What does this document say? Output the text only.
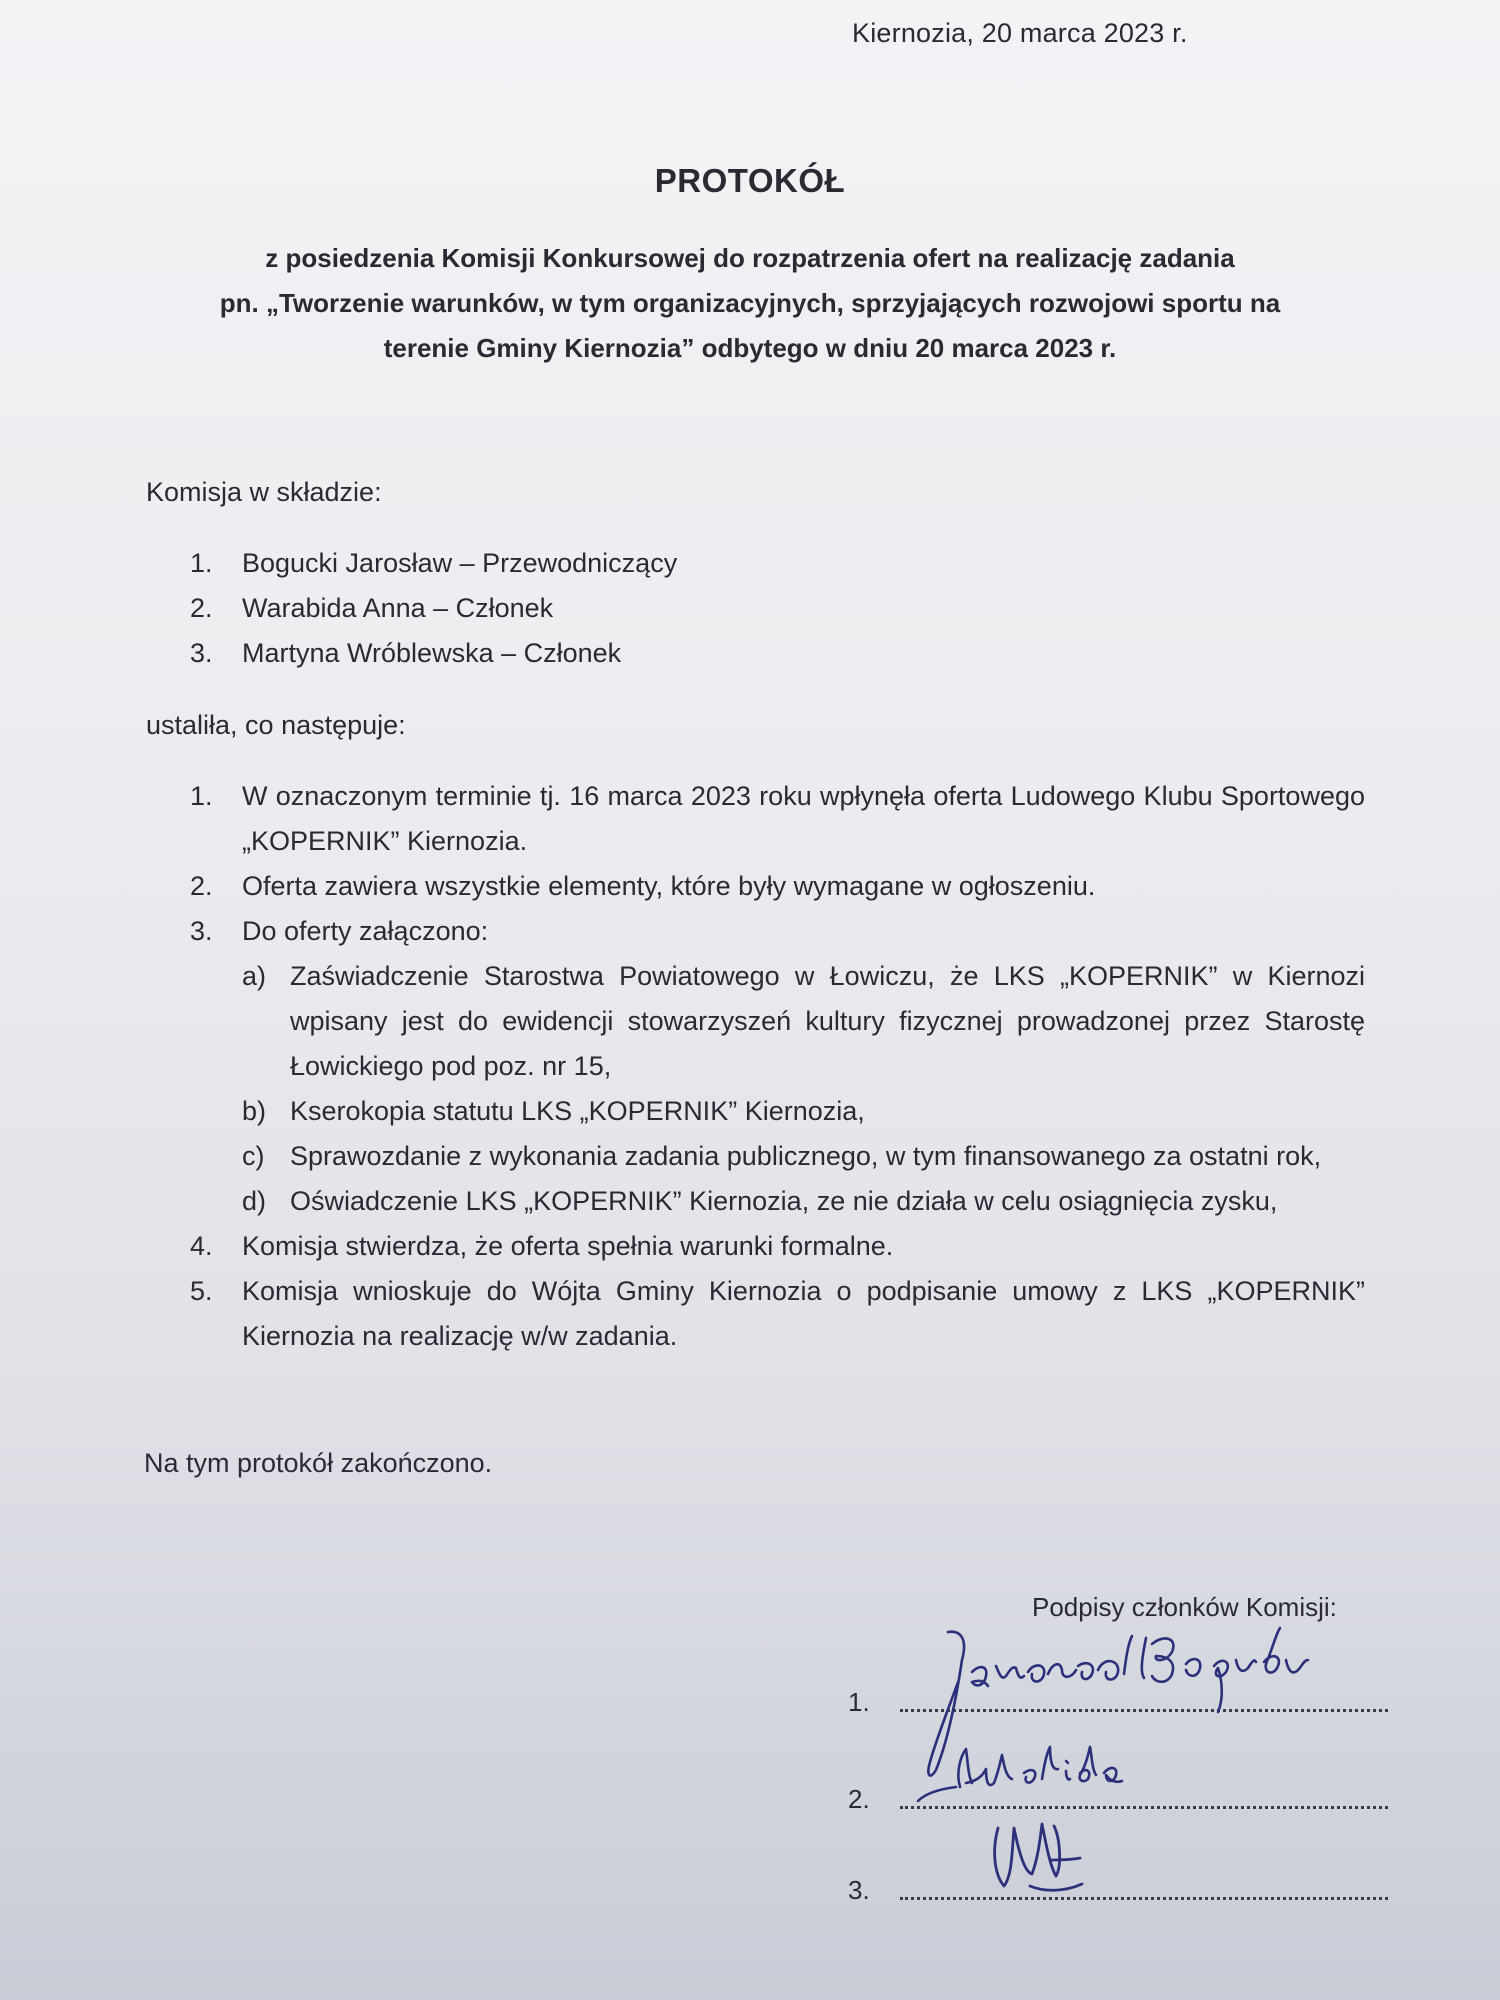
Kiernozia, 20 marca 2023 r.
PROTOKÓŁ
z posiedzenia Komisji Konkursowej do rozpatrzenia ofert na realizację zadania
pn. „Tworzenie warunków, w tym organizacyjnych, sprzyjających rozwojowi sportu na
terenie Gminy Kiernozia” odbytego w dniu 20 marca 2023 r.
Komisja w składzie:
1.	Bogucki Jarosław – Przewodniczący
2.	Warabida Anna – Członek
3.	Martyna Wróblewska – Członek
ustaliła, co następuje:
1.	W oznaczonym terminie tj. 16 marca 2023 roku wpłynęła oferta Ludowego Klubu Sportowego „KOPERNIK” Kiernozia.
2.	Oferta zawiera wszystkie elementy, które były wymagane w ogłoszeniu.
3.	Do oferty załączono:
a) Zaświadczenie Starostwa Powiatowego w Łowiczu, że LKS „KOPERNIK” w Kiernozi wpisany jest do ewidencji stowarzyszeń kultury fizycznej prowadzonej przez Starostę Łowickiego pod poz. nr 15,
b) Kserokopia statutu LKS „KOPERNIK” Kiernozia,
c) Sprawozdanie z wykonania zadania publicznego, w tym finansowanego za ostatni rok,
d) Oświadczenie LKS „KOPERNIK” Kiernozia, ze nie działa w celu osiągnięcia zysku,
4.	Komisja stwierdza, że oferta spełnia warunki formalne.
5.	Komisja wnioskuje do Wójta Gminy Kiernozia o podpisanie umowy z LKS „KOPERNIK” Kiernozia na realizację w/w zadania.
Na tym protokół zakończono.
Podpisy członków Komisji:
1.
2.
3.
